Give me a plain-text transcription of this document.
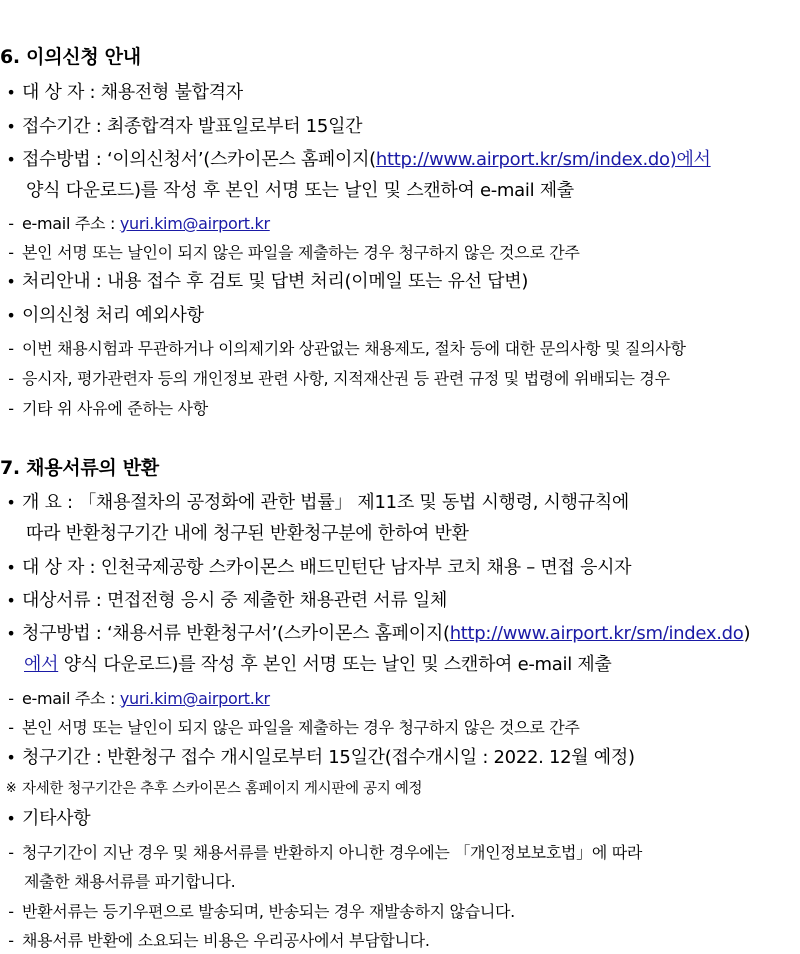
6. 이의신청 안내
• 대 상 자 : 채용전형 불합격자
• 접수기간 : 최종합격자 발표일로부터 15일간
• 접수방법 : ‘이의신청서’(스카이몬스 홈페이지(http://www.airport.kr/sm/index.do)에서
양식 다운로드)를 작성 후 본인 서명 또는 날인 및 스캔하여 e-mail 제출
- e-mail 주소 : yuri.kim@airport.kr
- 본인 서명 또는 날인이 되지 않은 파일을 제출하는 경우 청구하지 않은 것으로 간주
• 처리안내 : 내용 접수 후 검토 및 답변 처리(이메일 또는 유선 답변)
• 이의신청 처리 예외사항
- 이번 채용시험과 무관하거나 이의제기와 상관없는 채용제도, 절차 등에 대한 문의사항 및 질의사항
- 응시자, 평가관련자 등의 개인정보 관련 사항, 지적재산권 등 관련 규정 및 법령에 위배되는 경우
- 기타 위 사유에 준하는 사항
7. 채용서류의 반환
• 개 요 : 「채용절차의 공정화에 관한 법률」 제11조 및 동법 시행령, 시행규칙에
따라 반환청구기간 내에 청구된 반환청구분에 한하여 반환
• 대 상 자 : 인천국제공항 스카이몬스 배드민턴단 남자부 코치 채용 – 면접 응시자
• 대상서류 : 면접전형 응시 중 제출한 채용관련 서류 일체
• 청구방법 : ‘채용서류 반환청구서’(스카이몬스 홈페이지(http://www.airport.kr/sm/index.do)
에서 양식 다운로드)를 작성 후 본인 서명 또는 날인 및 스캔하여 e-mail 제출
- e-mail 주소 : yuri.kim@airport.kr
- 본인 서명 또는 날인이 되지 않은 파일을 제출하는 경우 청구하지 않은 것으로 간주
• 청구기간 : 반환청구 접수 개시일로부터 15일간(접수개시일 : 2022. 12월 예정)
※ 자세한 청구기간은 추후 스카이몬스 홈페이지 게시판에 공지 예정
• 기타사항
- 청구기간이 지난 경우 및 채용서류를 반환하지 아니한 경우에는 「개인정보보호법」에 따라
제출한 채용서류를 파기합니다.
- 반환서류는 등기우편으로 발송되며, 반송되는 경우 재발송하지 않습니다.
- 채용서류 반환에 소요되는 비용은 우리공사에서 부담합니다.
